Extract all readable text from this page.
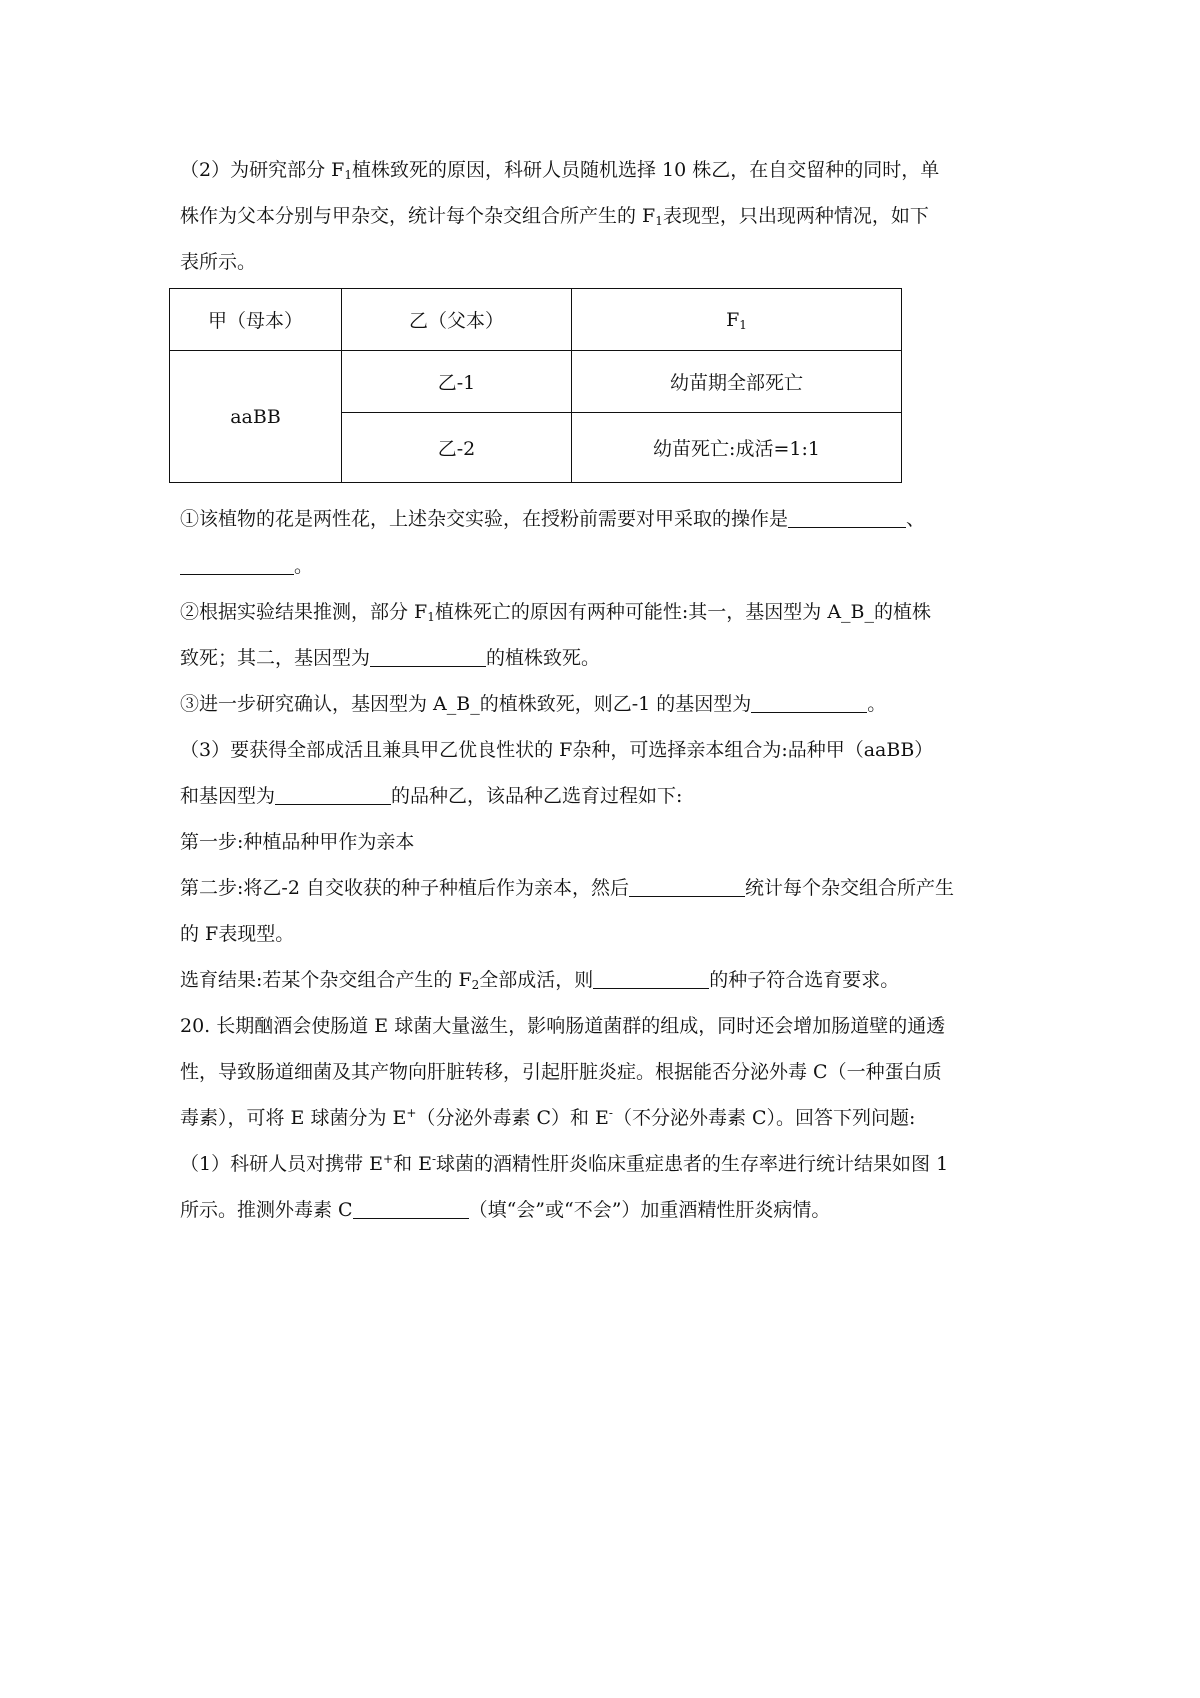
（2）为研究部分 $F_1$植株致死的原因，科研人员随机选择 10 株乙，在自交留种的同时，单
株作为父本分别与甲杂交，统计每个杂交组合所产生的 $F_1$表现型，只出现两种情况，如下
表所示。
甲（母本）	乙（父本）	$F_1$
aaBB	乙-1	幼苗期全部死亡
	乙-2	幼苗死亡:成活=1:1
①该植物的花是两性花，上述杂交实验，在授粉前需要对甲采取的操作是	、
。
②根据实验结果推测，部分 $F_1$植株死亡的原因有两种可能性:其一，基因型为 A_B_的植株
致死；其二，基因型为	的植株致死。
③进一步研究确认，基因型为 A_B_的植株致死，则乙-1 的基因型为	。
（3）要获得全部成活且兼具甲乙优良性状的 F杂种，可选择亲本组合为:品种甲（aaBB）
和基因型为	的品种乙，该品种乙选育过程如下:
第一步:种植品种甲作为亲本
第二步:将乙-2 自交收获的种子种植后作为亲本，然后	统计每个杂交组合所产生
的 F表现型。
选育结果:若某个杂交组合产生的 $F_2$全部成活，则	的种子符合选育要求。
20. 长期酗酒会使肠道 E 球菌大量滋生，影响肠道菌群的组成，同时还会增加肠道壁的通透
性，导致肠道细菌及其产物向肝脏转移，引起肝脏炎症。根据能否分泌外毒 C（一种蛋白质
毒素），可将 E 球菌分为 E+（分泌外毒素 C）和 E-（不分泌外毒素 C）。回答下列问题:
（1）科研人员对携带 E+和 E-球菌的酒精性肝炎临床重症患者的生存率进行统计结果如图 1
所示。推测外毒素 C	（填“会”或“不会”）加重酒精性肝炎病情。
